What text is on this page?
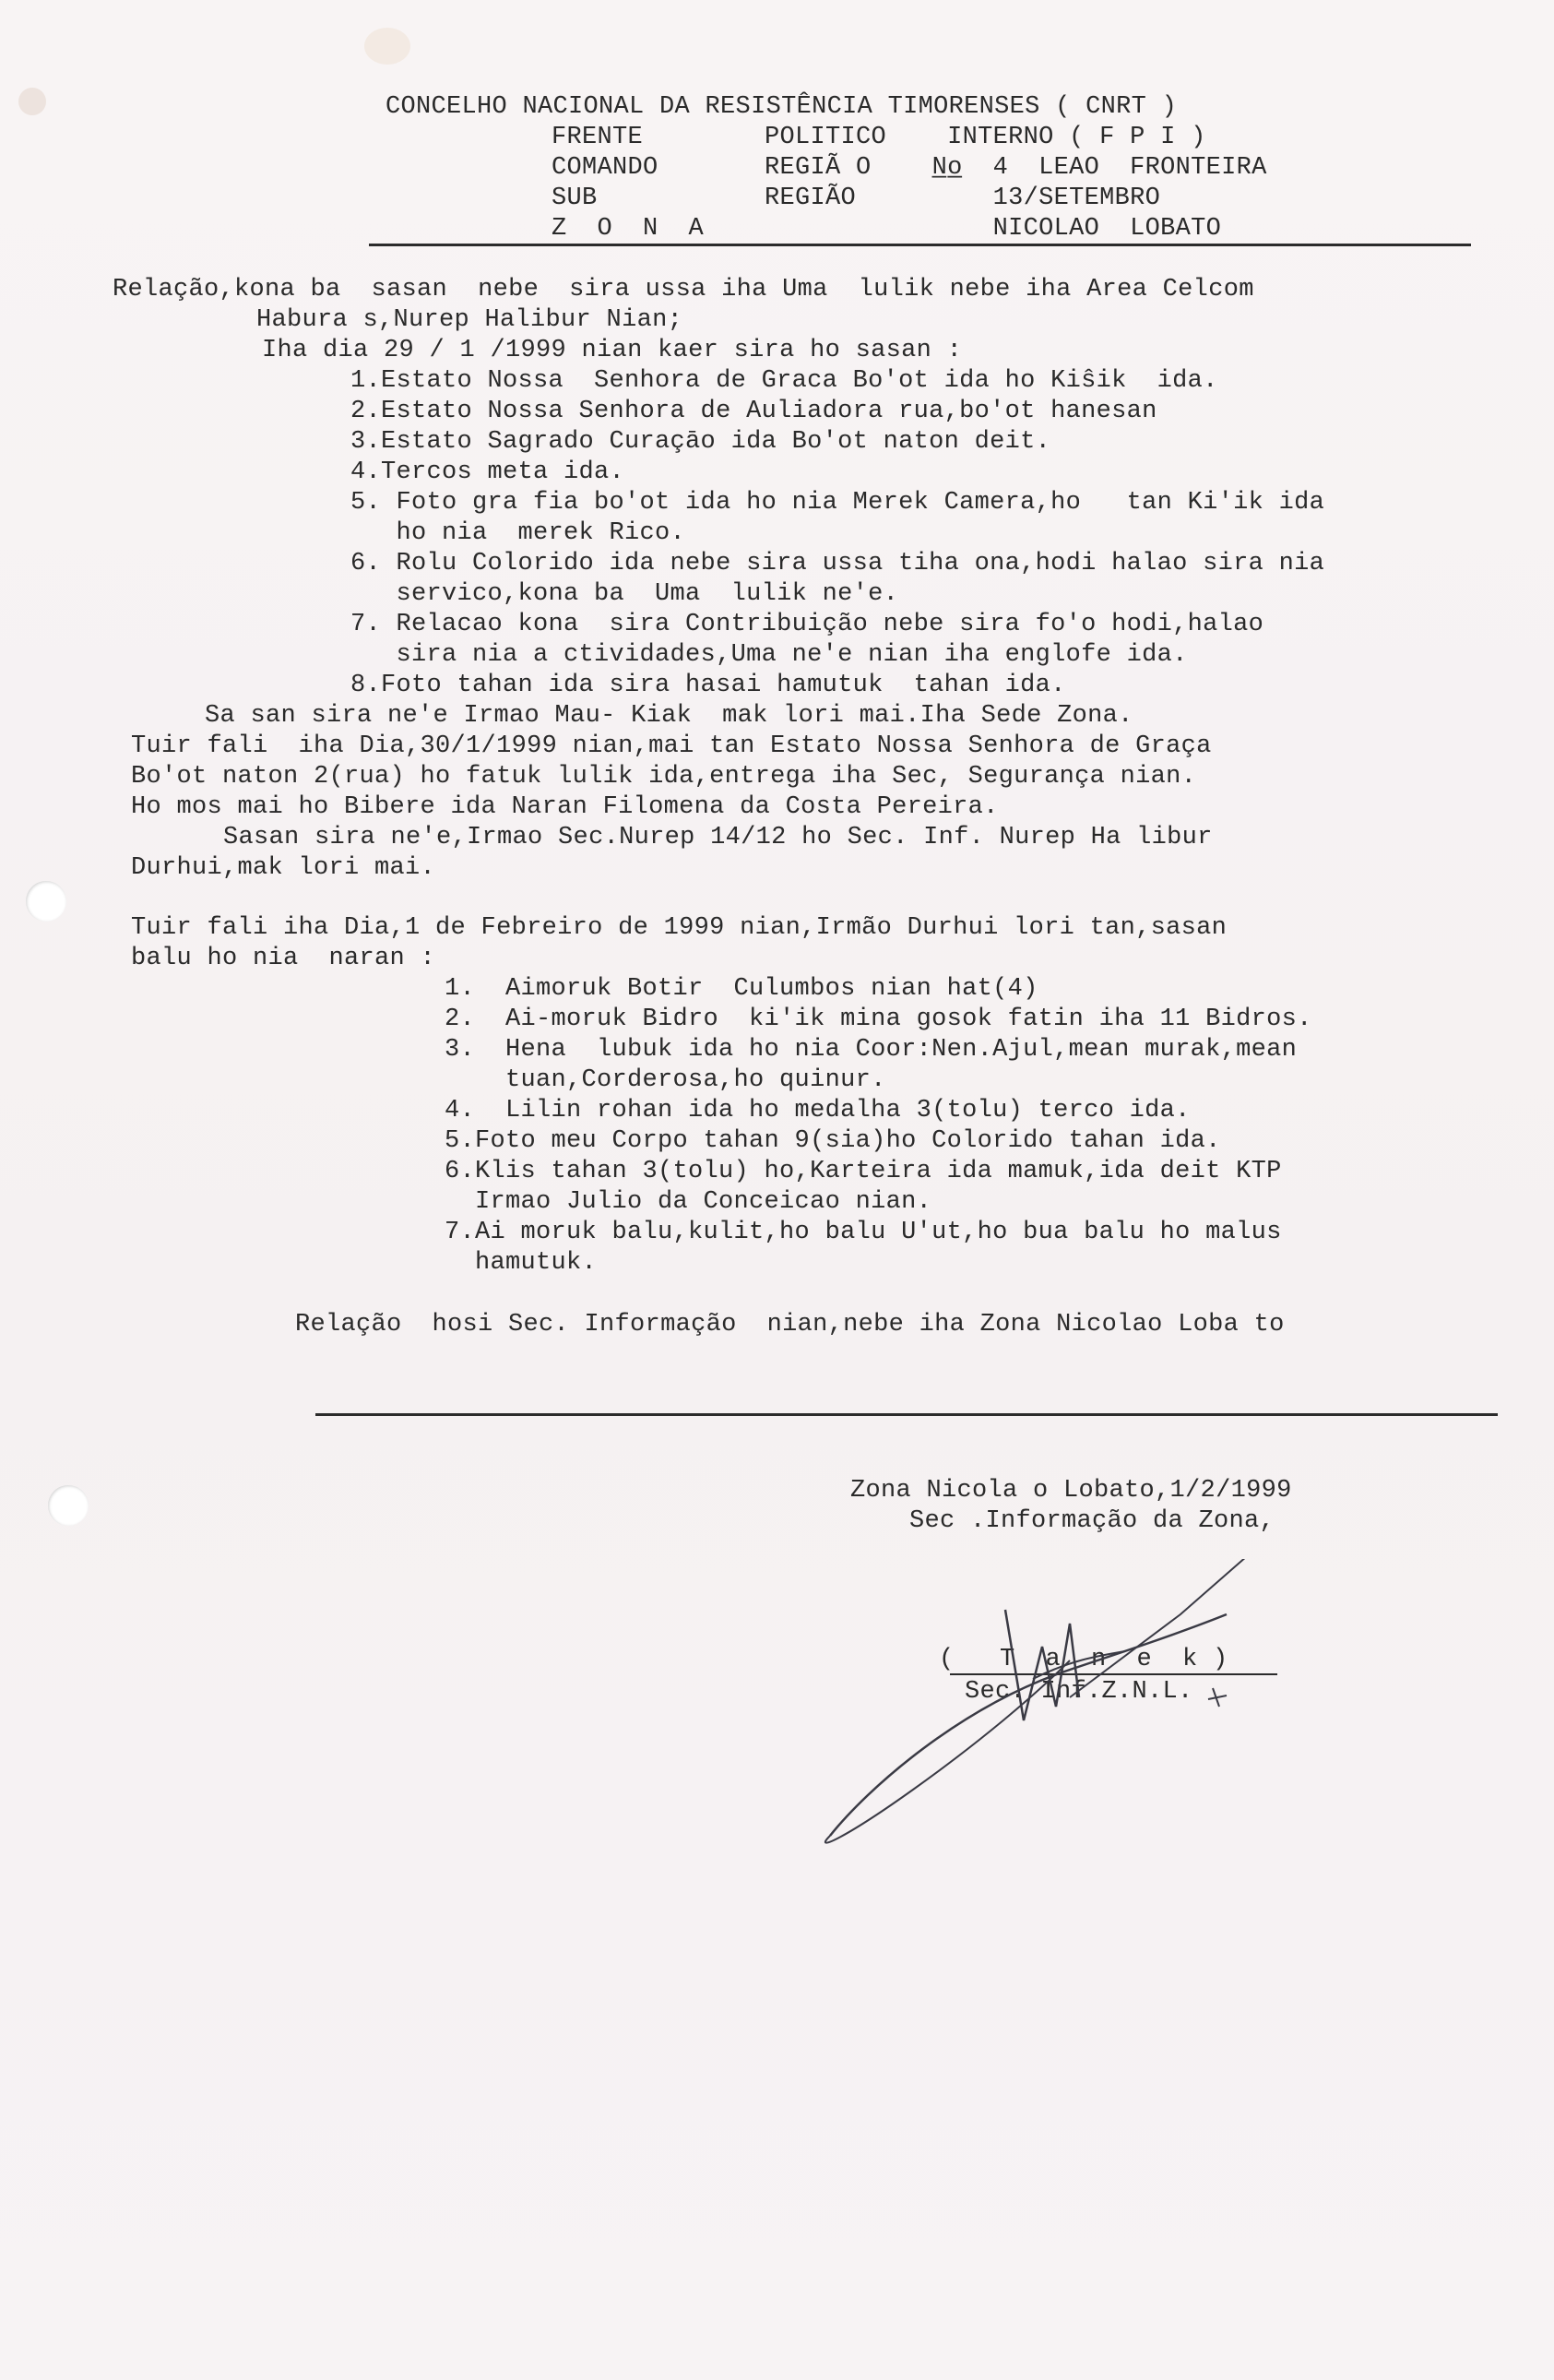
CONCELHO NACIONAL DA RESISTÊNCIA TIMORENSES ( CNRT )
FRENTE        POLITICO    INTERNO ( F P I )
COMANDO       REGIÃ O    N̲o̲  4  LEAO  FRONTEIRA
SUB           REGIÃO         13/SETEMBRO
Z  O  N  A                   NICOLAO  LOBATO
Relação,kona ba  sasan  nebe  sira ussa iha Uma  lulik nebe iha Area Celcom
Habura s,Nurep Halibur Nian;
Iha dia 29 / 1 /1999 nian kaer sira ho sasan :
1.Estato Nossa  Senhora de Graca Bo'ot ida ho Kiŝik  ida.
2.Estato Nossa Senhora de Auliadora rua,bo'ot hanesan
3.Estato Sagrado Curaçāo ida Bo'ot naton deit.
4.Tercos meta ida.
5. Foto gra fia bo'ot ida ho nia Merek Camera,ho   tan Ki'ik ida
ho nia  merek Rico.
6. Rolu Colorido ida nebe sira ussa tiha ona,hodi halao sira nia
servico,kona ba  Uma  lulik ne'e.
7. Relacao kona  sira Contribuição nebe sira fo'o hodi,halao
sira nia a ctividades,Uma ne'e nian iha englofe ida.
8.Foto tahan ida sira hasai hamutuk  tahan ida.
Sa san sira ne'e Irmao Mau- Kiak  mak lori mai.Iha Sede Zona.
Tuir fali  iha Dia,30/1/1999 nian,mai tan Estato Nossa Senhora de Graça
Bo'ot naton 2(rua) ho fatuk lulik ida,entrega iha Sec, Segurança nian.
Ho mos mai ho Bibere ida Naran Filomena da Costa Pereira.
Sasan sira ne'e,Irmao Sec.Nurep 14/12 ho Sec. Inf. Nurep Ha libur
Durhui,mak lori mai.
Tuir fali iha Dia,1 de Febreiro de 1999 nian,Irmão Durhui lori tan,sasan
balu ho nia  naran :
1.  Aimoruk Botir  Culumbos nian hat(4)
2.  Ai-moruk Bidro  ki'ik mina gosok fatin iha 11 Bidros.
3.  Hena  lubuk ida ho nia Coor:Nen.Ajul,mean murak,mean
tuan,Corderosa,ho quinur.
4.  Lilin rohan ida ho medalha 3(tolu) terco ida.
5.Foto meu Corpo tahan 9(sia)ho Colorido tahan ida.
6.Klis tahan 3(tolu) ho,Karteira ida mamuk,ida deit KTP
Irmao Julio da Conceicao nian.
7.Ai moruk balu,kulit,ho balu U'ut,ho bua balu ho malus
hamutuk.
Relação  hosi Sec. Informação  nian,nebe iha Zona Nicolao Loba to
Zona Nicola o Lobato,1/2/1999
Sec .Informação da Zona,
(   T  a  n  e  k )
Sec. Inf.Z.N.L.
